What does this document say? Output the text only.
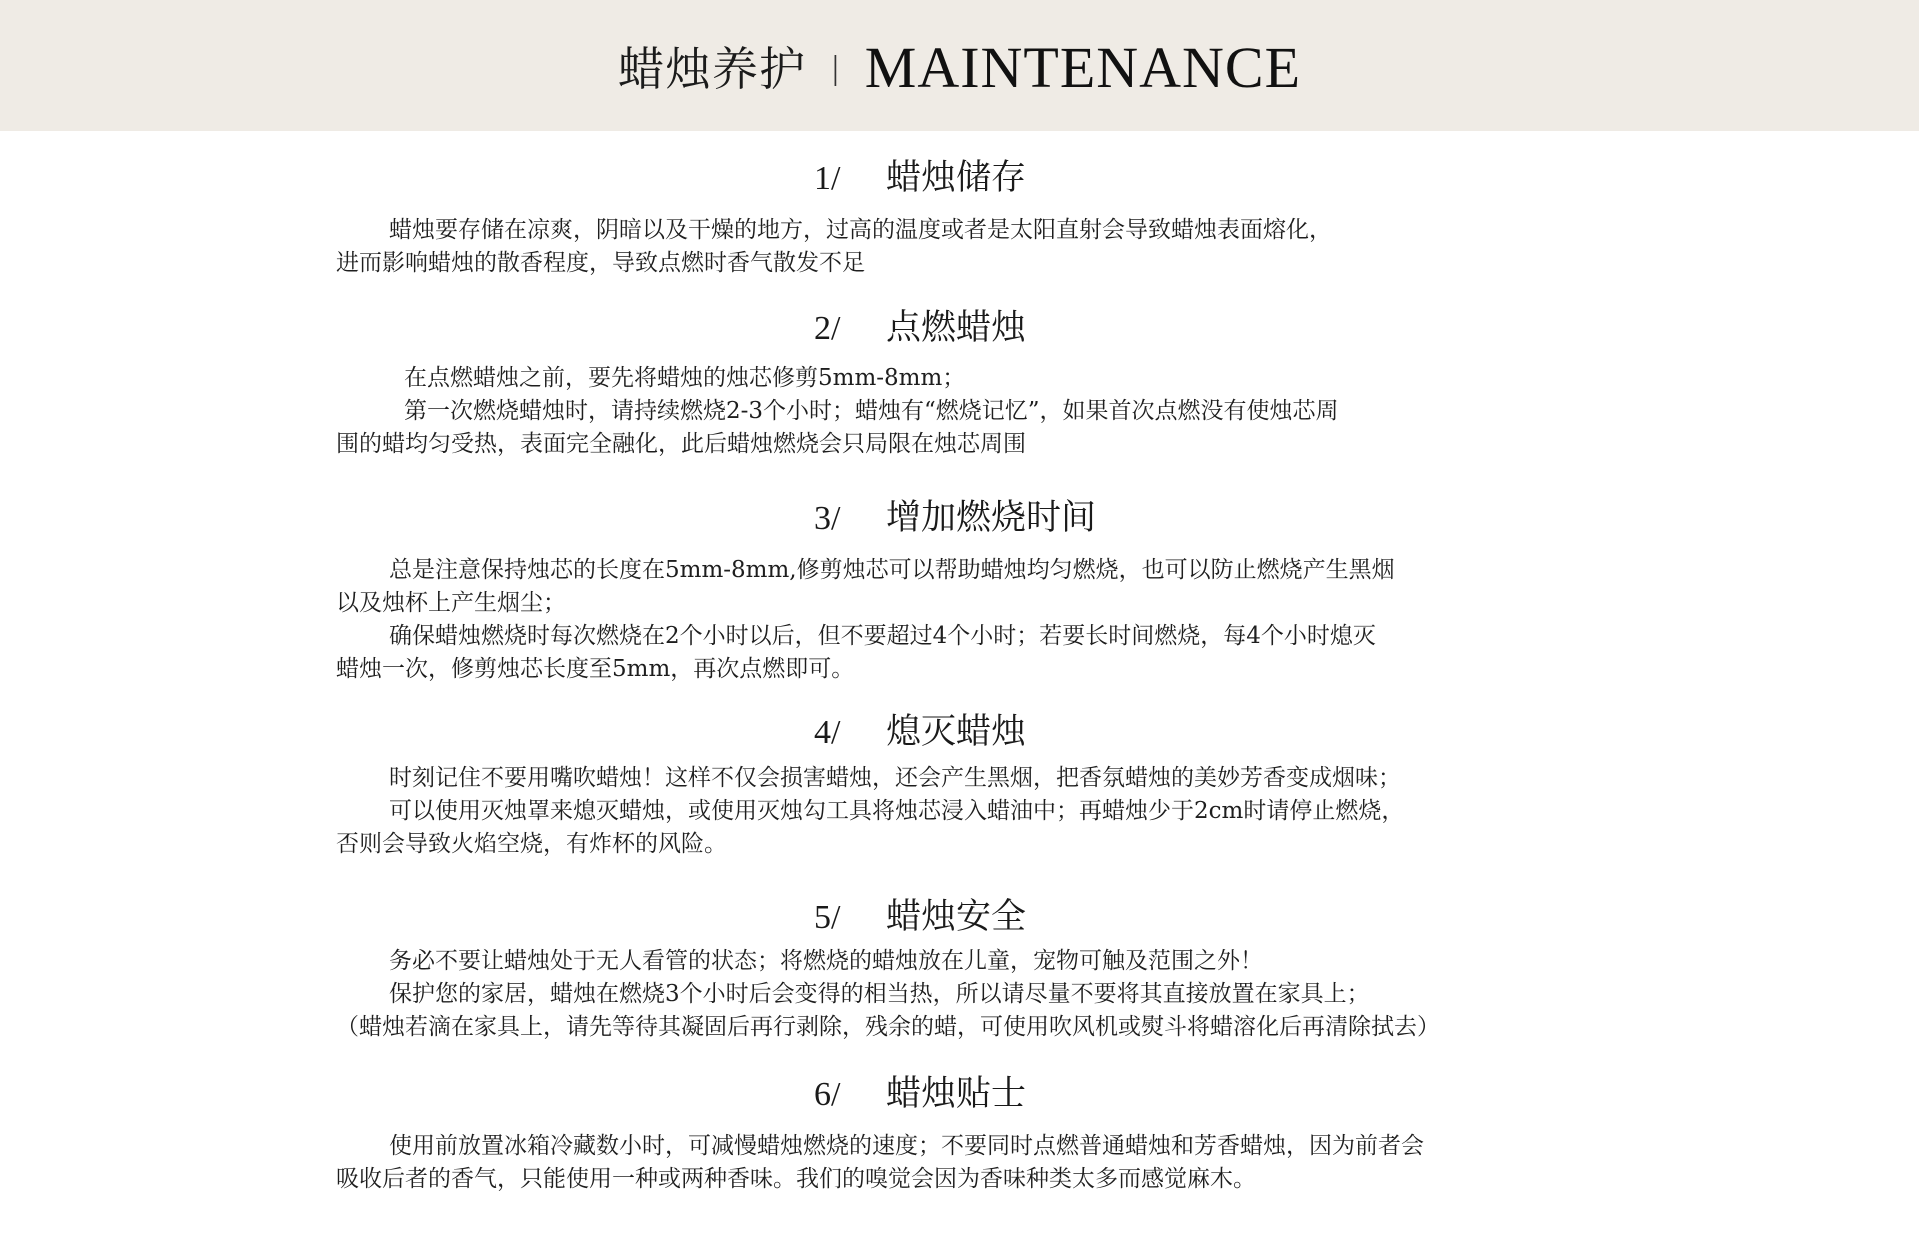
蜡烛养护 | MAINTENANCE
1/ 蜡烛储存
蜡烛要存储在凉爽，阴暗以及干燥的地方，过高的温度或者是太阳直射会导致蜡烛表面熔化，
进而影响蜡烛的散香程度，导致点燃时香气散发不足
2/ 点燃蜡烛
在点燃蜡烛之前，要先将蜡烛的烛芯修剪5mm-8mm；
第一次燃烧蜡烛时，请持续燃烧2-3个小时；蜡烛有“燃烧记忆”，如果首次点燃没有使烛芯周
围的蜡均匀受热，表面完全融化，此后蜡烛燃烧会只局限在烛芯周围
3/ 增加燃烧时间
总是注意保持烛芯的长度在5mm-8mm,修剪烛芯可以帮助蜡烛均匀燃烧，也可以防止燃烧产生黑烟
以及烛杯上产生烟尘；
确保蜡烛燃烧时每次燃烧在2个小时以后，但不要超过4个小时；若要长时间燃烧，每4个小时熄灭
蜡烛一次，修剪烛芯长度至5mm，再次点燃即可。
4/ 熄灭蜡烛
时刻记住不要用嘴吹蜡烛！这样不仅会损害蜡烛，还会产生黑烟，把香氛蜡烛的美妙芳香变成烟味；
可以使用灭烛罩来熄灭蜡烛，或使用灭烛勾工具将烛芯浸入蜡油中；再蜡烛少于2cm时请停止燃烧，
否则会导致火焰空烧，有炸杯的风险。
5/ 蜡烛安全
务必不要让蜡烛处于无人看管的状态；将燃烧的蜡烛放在儿童，宠物可触及范围之外！
保护您的家居，蜡烛在燃烧3个小时后会变得的相当热，所以请尽量不要将其直接放置在家具上；
（蜡烛若滴在家具上，请先等待其凝固后再行剥除，残余的蜡，可使用吹风机或熨斗将蜡溶化后再清除拭去）
6/ 蜡烛贴士
使用前放置冰箱冷藏数小时，可减慢蜡烛燃烧的速度；不要同时点燃普通蜡烛和芳香蜡烛，因为前者会
吸收后者的香气，只能使用一种或两种香味。我们的嗅觉会因为香味种类太多而感觉麻木。
